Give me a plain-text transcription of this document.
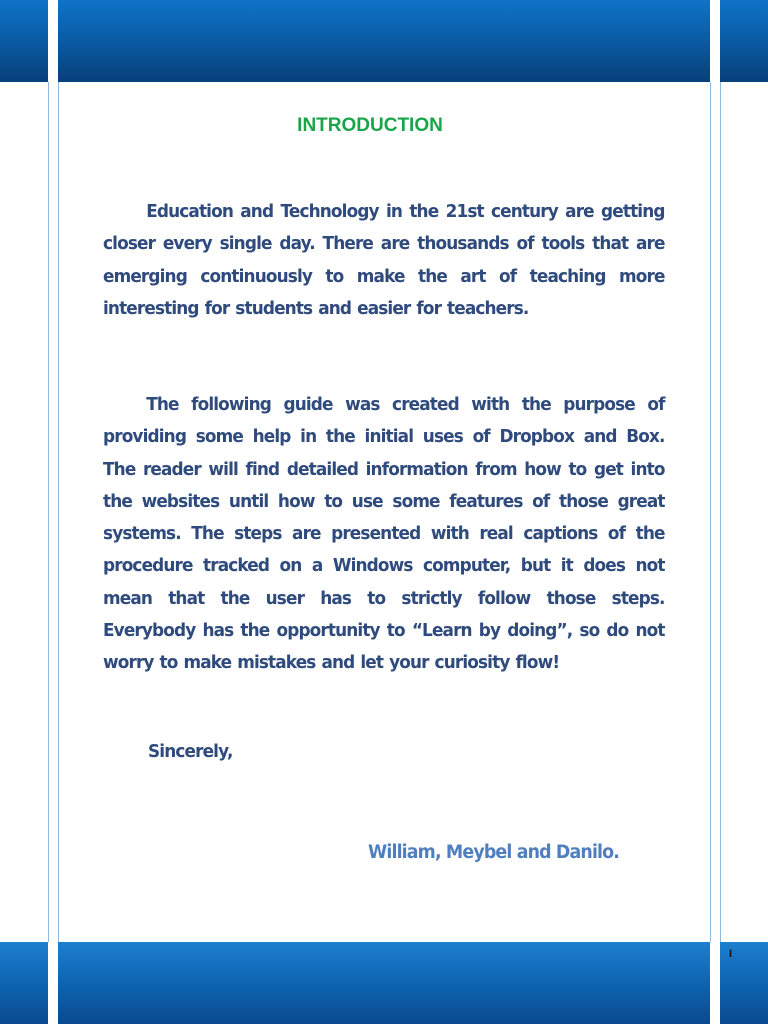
INTRODUCTION

Education and Technology in the 21st century are getting closer every single day. There are thousands of tools that are emerging continuously to make the art of teaching more interesting for students and easier for teachers.

The following guide was created with the purpose of providing some help in the initial uses of Dropbox and Box. The reader will find detailed information from how to get into the websites until how to use some features of those great systems. The steps are presented with real captions of the procedure tracked on a Windows computer, but it does not mean that the user has to strictly follow those steps. Everybody has the opportunity to “Learn by doing”, so do not worry to make mistakes and let your curiosity flow!

Sincerely,
William, Meybel and Danilo.
I
